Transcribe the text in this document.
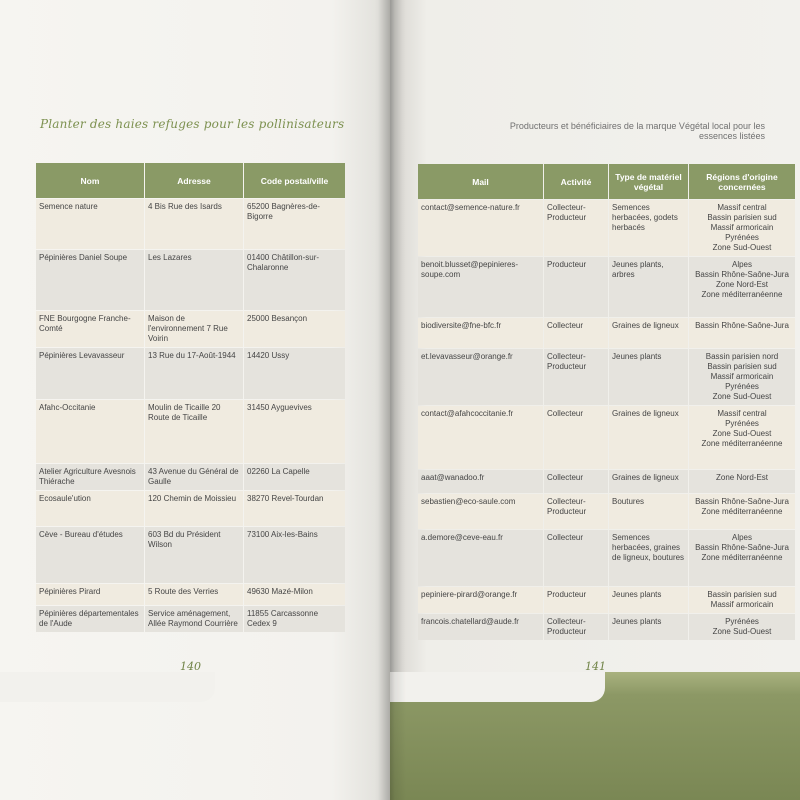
Planter des haies refuges pour les pollinisateurs
Nom	Adresse	Code postal/ville
Semence nature	4 Bis Rue des Isards	65200 Bagnères-de-Bigorre
Pépinières Daniel Soupe	Les Lazares	01400 Châtillon-sur-Chalaronne
FNE Bourgogne Franche-Comté	Maison de l'environnement 7 Rue Voirin	25000 Besançon
Pépinières Levavasseur	13 Rue du 17-Août-1944	14420 Ussy
Afahc-Occitanie	Moulin de Ticaille 20 Route de Ticaille	31450 Ayguevives
Atelier Agriculture Avesnois Thiérache	43 Avenue du Général de Gaulle	02260 La Capelle
Ecosaule'ution	120 Chemin de Moissieu	38270 Revel-Tourdan
Cève - Bureau d'études	603 Bd du Président Wilson	73100 Aix-les-Bains
Pépinières Pirard	5 Route des Verries	49630 Mazé-Milon
Pépinières départementales de l'Aude	Service aménagement, Allée Raymond Courrière	11855 Carcassonne Cedex 9
140
Producteurs et bénéficiaires de la marque Végétal local pour les essences listées
Mail	Activité	Type de matériel végétal	Régions d'origine concernées
contact@semence-nature.fr	Collecteur-Producteur	Semences herbacées, godets herbacés	Massif central
Bassin parisien sud
Massif armoricain
Pyrénées
Zone Sud-Ouest
benoit.blusset@pepinieres-soupe.com	Producteur	Jeunes plants, arbres	Alpes
Bassin Rhône-Saône-Jura
Zone Nord-Est
Zone méditerranéenne
biodiversite@fne-bfc.fr	Collecteur	Graines de ligneux	Bassin Rhône-Saône-Jura
et.levavasseur@orange.fr	Collecteur-Producteur	Jeunes plants	Bassin parisien nord
Bassin parisien sud
Massif armoricain
Pyrénées
Zone Sud-Ouest
contact@afahcoccitanie.fr	Collecteur	Graines de ligneux	Massif central
Pyrénées
Zone Sud-Ouest
Zone méditerranéenne
aaat@wanadoo.fr	Collecteur	Graines de ligneux	Zone Nord-Est
sebastien@eco-saule.com	Collecteur-Producteur	Boutures	Bassin Rhône-Saône-Jura
Zone méditerranéenne
a.demore@ceve-eau.fr	Collecteur	Semences herbacées, graines de ligneux, boutures	Alpes
Bassin Rhône-Saône-Jura
Zone méditerranéenne
pepiniere-pirard@orange.fr	Producteur	Jeunes plants	Bassin parisien sud
Massif armoricain
francois.chatellard@aude.fr	Collecteur-Producteur	Jeunes plants	Pyrénées
Zone Sud-Ouest
141
